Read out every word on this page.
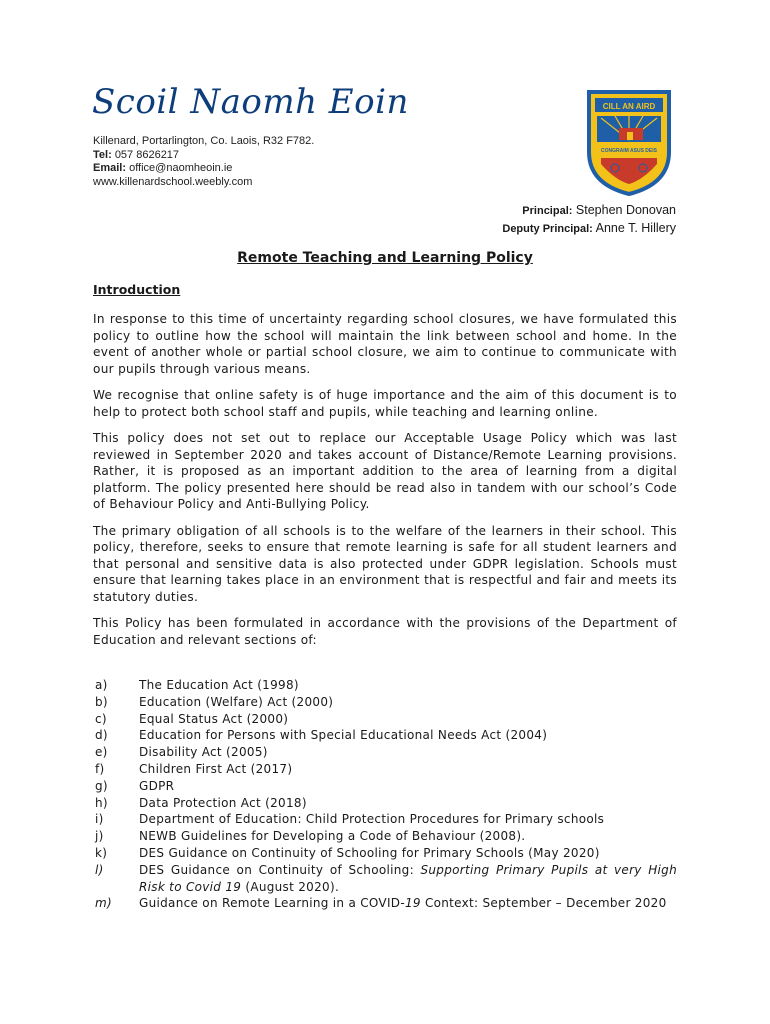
Scoil Naomh Eoin
Killenard, Portarlington, Co. Laois, R32 F782.
Tel: 057 8626217
Email: office@naomheoin.ie
www.killenardschool.weebly.com
CILL AN AIRD
CONGRAIM ASUS DEIS
Principal: Stephen Donovan
Deputy Principal: Anne T. Hillery
Remote Teaching and Learning Policy
Introduction

In response to this time of uncertainty regarding school closures, we have formulated this policy to outline how the school will maintain the link between school and home. In the event of another whole or partial school closure, we aim to continue to communicate with our pupils through various means.

We recognise that online safety is of huge importance and the aim of this document is to help to protect both school staff and pupils, while teaching and learning online.

This policy does not set out to replace our Acceptable Usage Policy which was last reviewed in September 2020 and takes account of Distance/Remote Learning provisions. Rather, it is proposed as an important addition to the area of learning from a digital platform. The policy presented here should be read also in tandem with our school’s Code of Behaviour Policy and Anti-Bullying Policy.

The primary obligation of all schools is to the welfare of the learners in their school. This policy, therefore, seeks to ensure that remote learning is safe for all student learners and that personal and sensitive data is also protected under GDPR legislation. Schools must ensure that learning takes place in an environment that is respectful and fair and meets its statutory duties.

This Policy has been formulated in accordance with the provisions of the Department of Education and relevant sections of:

a)	The Education Act (1998)
b)	Education (Welfare) Act (2000)
c)	Equal Status Act (2000)
d)	Education for Persons with Special Educational Needs Act (2004)
e)	Disability Act (2005)
f)	Children First Act (2017)
g)	GDPR
h)	Data Protection Act (2018)
i)	Department of Education: Child Protection Procedures for Primary schools
j)	NEWB Guidelines for Developing a Code of Behaviour (2008).
k)	DES Guidance on Continuity of Schooling for Primary Schools (May 2020)
l)	DES Guidance on Continuity of Schooling: Supporting Primary Pupils at very High Risk to Covid 19 (August 2020).
m)	Guidance on Remote Learning in a COVID-19 Context: September – December 2020
